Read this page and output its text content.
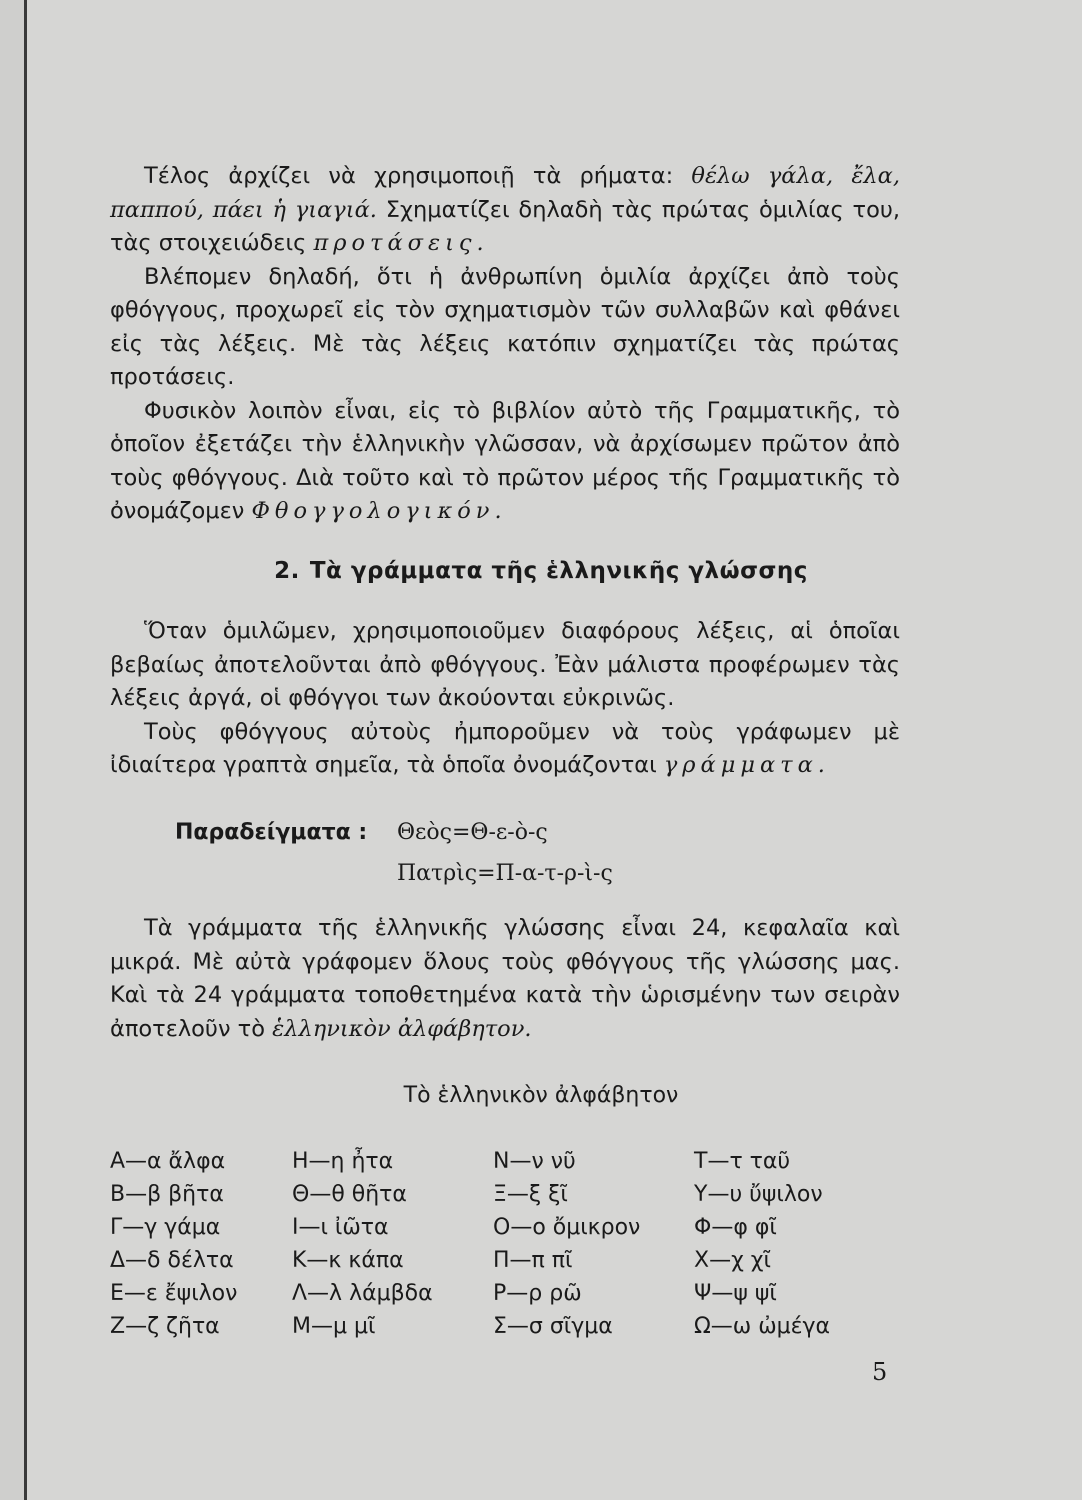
Τέλος ἀρχίζει νὰ χρησιμοποιῇ τὰ ρήματα: θέλω γάλα, ἔλα, παππού, πάει ἡ γιαγιά. Σχηματίζει δηλαδὴ τὰς πρώτας ὁμιλίας του, τὰς στοιχειώδεις προτάσεις.

Βλέπομεν δηλαδή, ὅτι ἡ ἀνθρωπίνη ὁμιλία ἀρχίζει ἀπὸ τοὺς φθόγγους, προχωρεῖ εἰς τὸν σχηματισμὸν τῶν συλλαβῶν καὶ φθάνει εἰς τὰς λέξεις. Μὲ τὰς λέξεις κατόπιν σχηματίζει τὰς πρώτας προτάσεις.

Φυσικὸν λοιπὸν εἶναι, εἰς τὸ βιβλίον αὐτὸ τῆς Γραμματικῆς, τὸ ὁποῖον ἐξετάζει τὴν ἑλληνικὴν γλῶσσαν, νὰ ἀρχίσωμεν πρῶτον ἀπὸ τοὺς φθόγγους. Διὰ τοῦτο καὶ τὸ πρῶτον μέρος τῆς Γραμματικῆς τὸ ὀνομάζομεν Φθογγολογικόν.

2. Τὰ γράμματα τῆς ἑλληνικῆς γλώσσης

Ὅταν ὁμιλῶμεν, χρησιμοποιοῦμεν διαφόρους λέξεις, αἱ ὁποῖαι βεβαίως ἀποτελοῦνται ἀπὸ φθόγγους. Ἐὰν μάλιστα προφέρωμεν τὰς λέξεις ἀργά, οἱ φθόγγοι των ἀκούονται εὐκρινῶς.

Τοὺς φθόγγους αὐτοὺς ἠμποροῦμεν νὰ τοὺς γράφωμεν μὲ ἰδιαίτερα γραπτὰ σημεῖα, τὰ ὁποῖα ὀνομάζονται γράμματα.

Παραδείγματα : Θεὸς=Θ-ε-ὸ-ς
Πατρὶς=Π-α-τ-ρ-ὶ-ς

Τὰ γράμματα τῆς ἑλληνικῆς γλώσσης εἶναι 24, κεφαλαῖα καὶ μικρά. Μὲ αὐτὰ γράφομεν ὅλους τοὺς φθόγγους τῆς γλώσσης μας. Καὶ τὰ 24 γράμματα τοποθετημένα κατὰ τὴν ὡρισμένην των σειρὰν ἀποτελοῦν τὸ ἑλληνικὸν ἀλφάβητον.

Τὸ ἑλληνικὸν ἀλφάβητον
Α—α ἄλφα
Β—β βῆτα
Γ—γ γάμα
Δ—δ δέλτα
Ε—ε ἔψιλον
Ζ—ζ ζῆτα
Η—η ἦτα
Θ—θ θῆτα
Ι—ι ἰῶτα
Κ—κ κάπα
Λ—λ λάμβδα
Μ—μ μῖ
Ν—ν νῦ
Ξ—ξ ξῖ
Ο—ο ὄμικρον
Π—π πῖ
Ρ—ρ ρῶ
Σ—σ σῖγμα
Τ—τ ταῦ
Υ—υ ὔψιλον
Φ—φ φῖ
Χ—χ χῖ
Ψ—ψ ψῖ
Ω—ω ὠμέγα
5
